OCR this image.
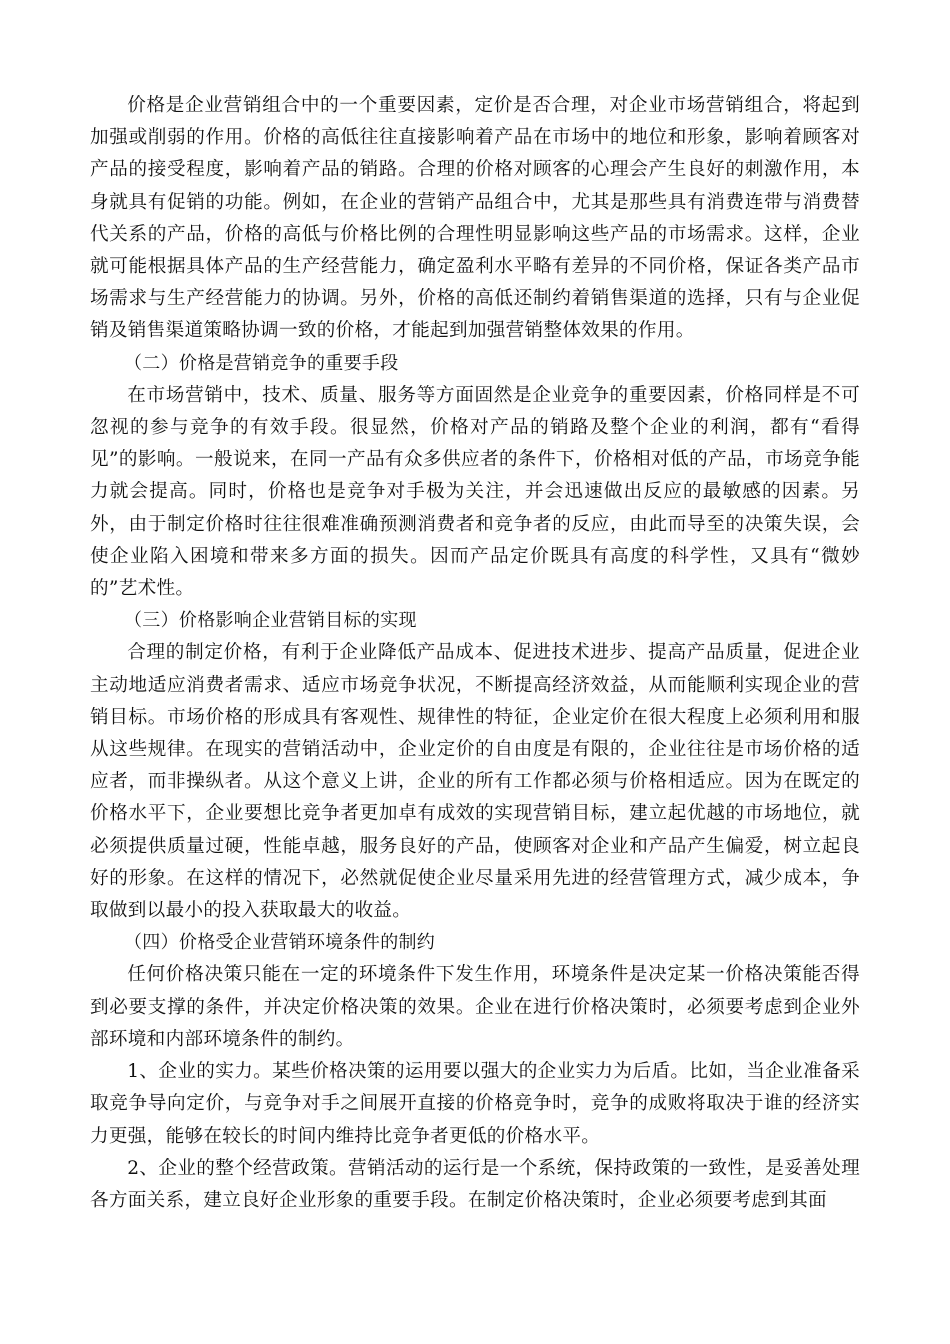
价格是企业营销组合中的一个重要因素，定价是否合理，对企业市场营销组合，将起到加强或削弱的作用。价格的高低往往直接影响着产品在市场中的地位和形象，影响着顾客对产品的接受程度，影响着产品的销路。合理的价格对顾客的心理会产生良好的刺激作用，本身就具有促销的功能。例如，在企业的营销产品组合中，尤其是那些具有消费连带与消费替代关系的产品，价格的高低与价格比例的合理性明显影响这些产品的市场需求。这样，企业就可能根据具体产品的生产经营能力，确定盈利水平略有差异的不同价格，保证各类产品市场需求与生产经营能力的协调。另外，价格的高低还制约着销售渠道的选择，只有与企业促销及销售渠道策略协调一致的价格，才能起到加强营销整体效果的作用。

（二）价格是营销竞争的重要手段

在市场营销中，技术、质量、服务等方面固然是企业竞争的重要因素，价格同样是不可忽视的参与竞争的有效手段。很显然，价格对产品的销路及整个企业的利润，都有“看得见”的影响。一般说来，在同一产品有众多供应者的条件下，价格相对低的产品，市场竞争能力就会提高。同时，价格也是竞争对手极为关注，并会迅速做出反应的最敏感的因素。另外，由于制定价格时往往很难准确预测消费者和竞争者的反应，由此而导至的决策失误，会使企业陷入困境和带来多方面的损失。因而产品定价既具有高度的科学性，又具有“微妙的”艺术性。

（三）价格影响企业营销目标的实现

合理的制定价格，有利于企业降低产品成本、促进技术进步、提高产品质量，促进企业主动地适应消费者需求、适应市场竞争状况，不断提高经济效益，从而能顺利实现企业的营销目标。市场价格的形成具有客观性、规律性的特征，企业定价在很大程度上必须利用和服从这些规律。在现实的营销活动中，企业定价的自由度是有限的，企业往往是市场价格的适应者，而非操纵者。从这个意义上讲，企业的所有工作都必须与价格相适应。因为在既定的价格水平下，企业要想比竞争者更加卓有成效的实现营销目标，建立起优越的市场地位，就必须提供质量过硬，性能卓越，服务良好的产品，使顾客对企业和产品产生偏爱，树立起良好的形象。在这样的情况下，必然就促使企业尽量采用先进的经营管理方式，减少成本，争取做到以最小的投入获取最大的收益。

（四）价格受企业营销环境条件的制约

任何价格决策只能在一定的环境条件下发生作用，环境条件是决定某一价格决策能否得到必要支撑的条件，并决定价格决策的效果。企业在进行价格决策时，必须要考虑到企业外部环境和内部环境条件的制约。

1、企业的实力。某些价格决策的运用要以强大的企业实力为后盾。比如，当企业准备采取竞争导向定价，与竞争对手之间展开直接的价格竞争时，竞争的成败将取决于谁的经济实力更强，能够在较长的时间内维持比竞争者更低的价格水平。

2、企业的整个经营政策。营销活动的运行是一个系统，保持政策的一致性，是妥善处理各方面关系，建立良好企业形象的重要手段。在制定价格决策时，企业必须要考虑到其面
